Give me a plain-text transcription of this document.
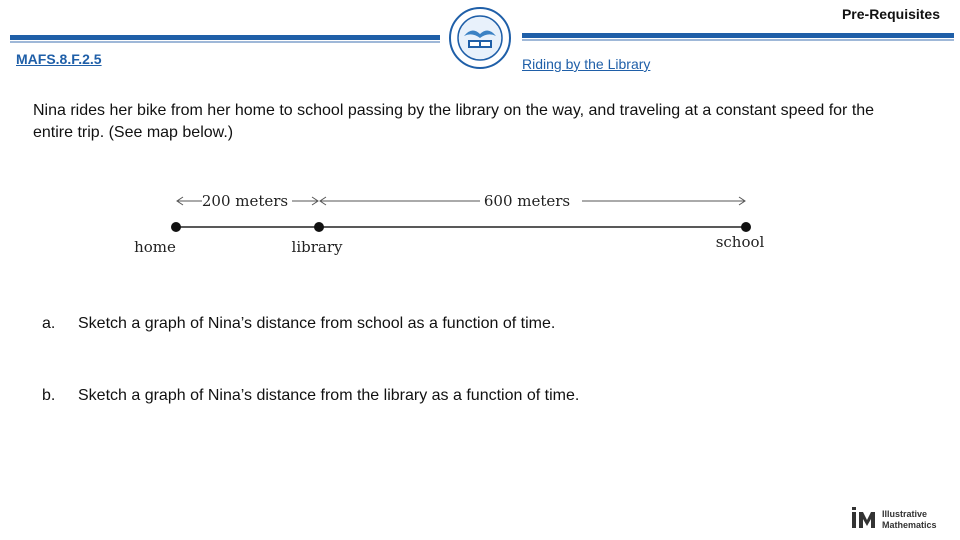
Pre-Requisites
MAFS.8.F.2.5	Riding by the Library
Nina rides her bike from her home to school passing by the library on the way, and traveling at a constant speed for the entire trip. (See map below.)
200 meters	600 meters
home	library	school
a. Sketch a graph of Nina’s distance from school as a function of time.
b. Sketch a graph of Nina’s distance from the library as a function of time.
Illustrative
Mathematics
